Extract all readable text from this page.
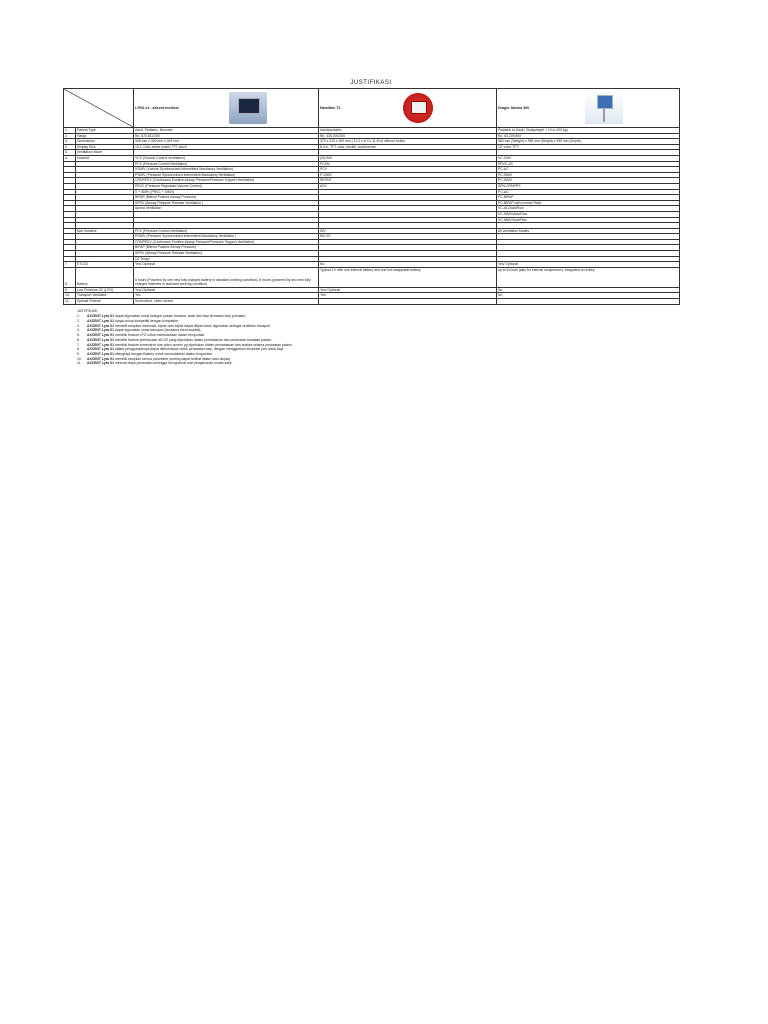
JUSTIFIKASI

LYRA x1 - aXcent medical	Hamilton T1	Drager Savina 300

1.	Patient Type	Adult, Pediatric, Neonate	Adult/pediatric	Pediatric to Adult ( Bodyweight > 10 to 200 kg)
2.	Harga	Rp. 870.811.000	Rp. 436.000.000	Rp. 53.209.800
3.	Dimensions	308 mm x 300 mm x 263 mm	370 x 210 x 300 mm ( 12.2 x 8.3 x 11.8 in) without trolley	360 mm (Weight) x 396 mm (Height) x 255 mm (Depth)
4.	Display Size	15.1 Color active matrix TFT touch	8.4 in, TFT color, backlit, touchscreen	12" color TFT
5.	Ventilation Mode			
a.	Invasive	VCV (Volume Control Ventilation)	(S)CMV	VC-CMV
		PCV (Pressure Control Ventilation)	PCMV	PRVC-AC
		VSIMV (Volume Synchronized Intermittent Mandatory Ventilation)	PCV	PC-AC
		PSIMV (Pressure Synchronized Intermittent Mandatory Ventilation)	P-SIMV	PC-SIMV
		CPAP/PSV (Continuous Positive Airway Pressure/Pressure Support Ventilation)	SPONT	PC-SIMV
		PRVC (Pressure Regulated Volume Control)	ASV	SPN-CPAP/PS
		V + SIMV (PRVC + SIMV)		PC-AC
		BIPAP (Bilevel Positive Airway Pressure)		PC-BIPAP
		APRV (Airway Pressure Release Ventilation )		PC-BIPAP with Inverse Ratio
		Apnea Ventilation		VC-AC/AutoFlow
				VC-SIMV/AutoFlow
				VC-MMV/AutoFlow

	Non Invasive	PCV (Pressure Control Ventilation)	NIV	All ventilation Modes
		PSIMV (Pressure Synchronized Intermittent Mandatory Ventilation )	NIV-ST	
		CPAP/PSV (Continuous Positive Airway Pressure/Pressure Support Ventilation)		
		BIPAP (Bilevel Positive Airway Pressure)		
		APRV (Airway Pressure Release Ventilation)		
		O2 Terapi		
7.	ETCO2	Yes/ Optional	No	Yes/ Optional
8.	Battery	6 hours (Powered by one new fully charged battery in standard working condition), 8 hours (powered by two new fully charged batteries in standard working condition)	Typical 4 h with one internal battery and one hot-swappable battery	up to 5 hours (also for internal compressor), integrated on trolley
9.	Low Pressure O2 (LPO)	Yes/ Optional	Yes/ Optional	No
10.	Transport Ventilator	Yes	Yes	No
11.	Spesial Feature	Screenshot, video screen		
JUSTIFIKASI :
1. AXCENT Lyra X1 dapat digunakan untuk kategori pasien dewasa, anak dan bayi termasuk bayi prematur.
2. AXCENT Lyra X1 harga cukup kompetitif dengan kompetitor.
3. AXCENT Lyra X1 memiliki tampilan minimalis, stylish dan stylist dapat dilipat untuk digunakan sebagai ventilator transport.
4. AXCENT Lyra X1 dapat digunakan untuk transport (terutama intra hospital).
5. AXCENT Lyra X1 memiliki feature LPO untuk memudahkan dalam trnsportasi.
6. AXCENT Lyra X1 memiliki feature pembacaan etCO2 yang diperlukan dalam pemantauan dan perawatan keadaan pasien.
7. AXCENT Lyra X1 memiliki feature screenshot dan video screen yg diperlukan dalam pemantauan dan analisa selama perawatan pasien.
8. AXCENT Lyra X1 dalam penggunaannya dapat dikhususkan untuk perawatan bayi, dengan menggnakan ekspirasi port untuk bayi.
9. AXCENT Lyra X1 dilengkapi dengan Battery untuk memudahkan dalam trnsportasi.
10. AXCENT Lyra X1 memiliki tampilan semua parameter penting dapat terlihat dalam satu display.
11. AXCENT Lyra X1 minimal biaya perawatan sehingga menghemat cost pengeluaran rumah sakit.
